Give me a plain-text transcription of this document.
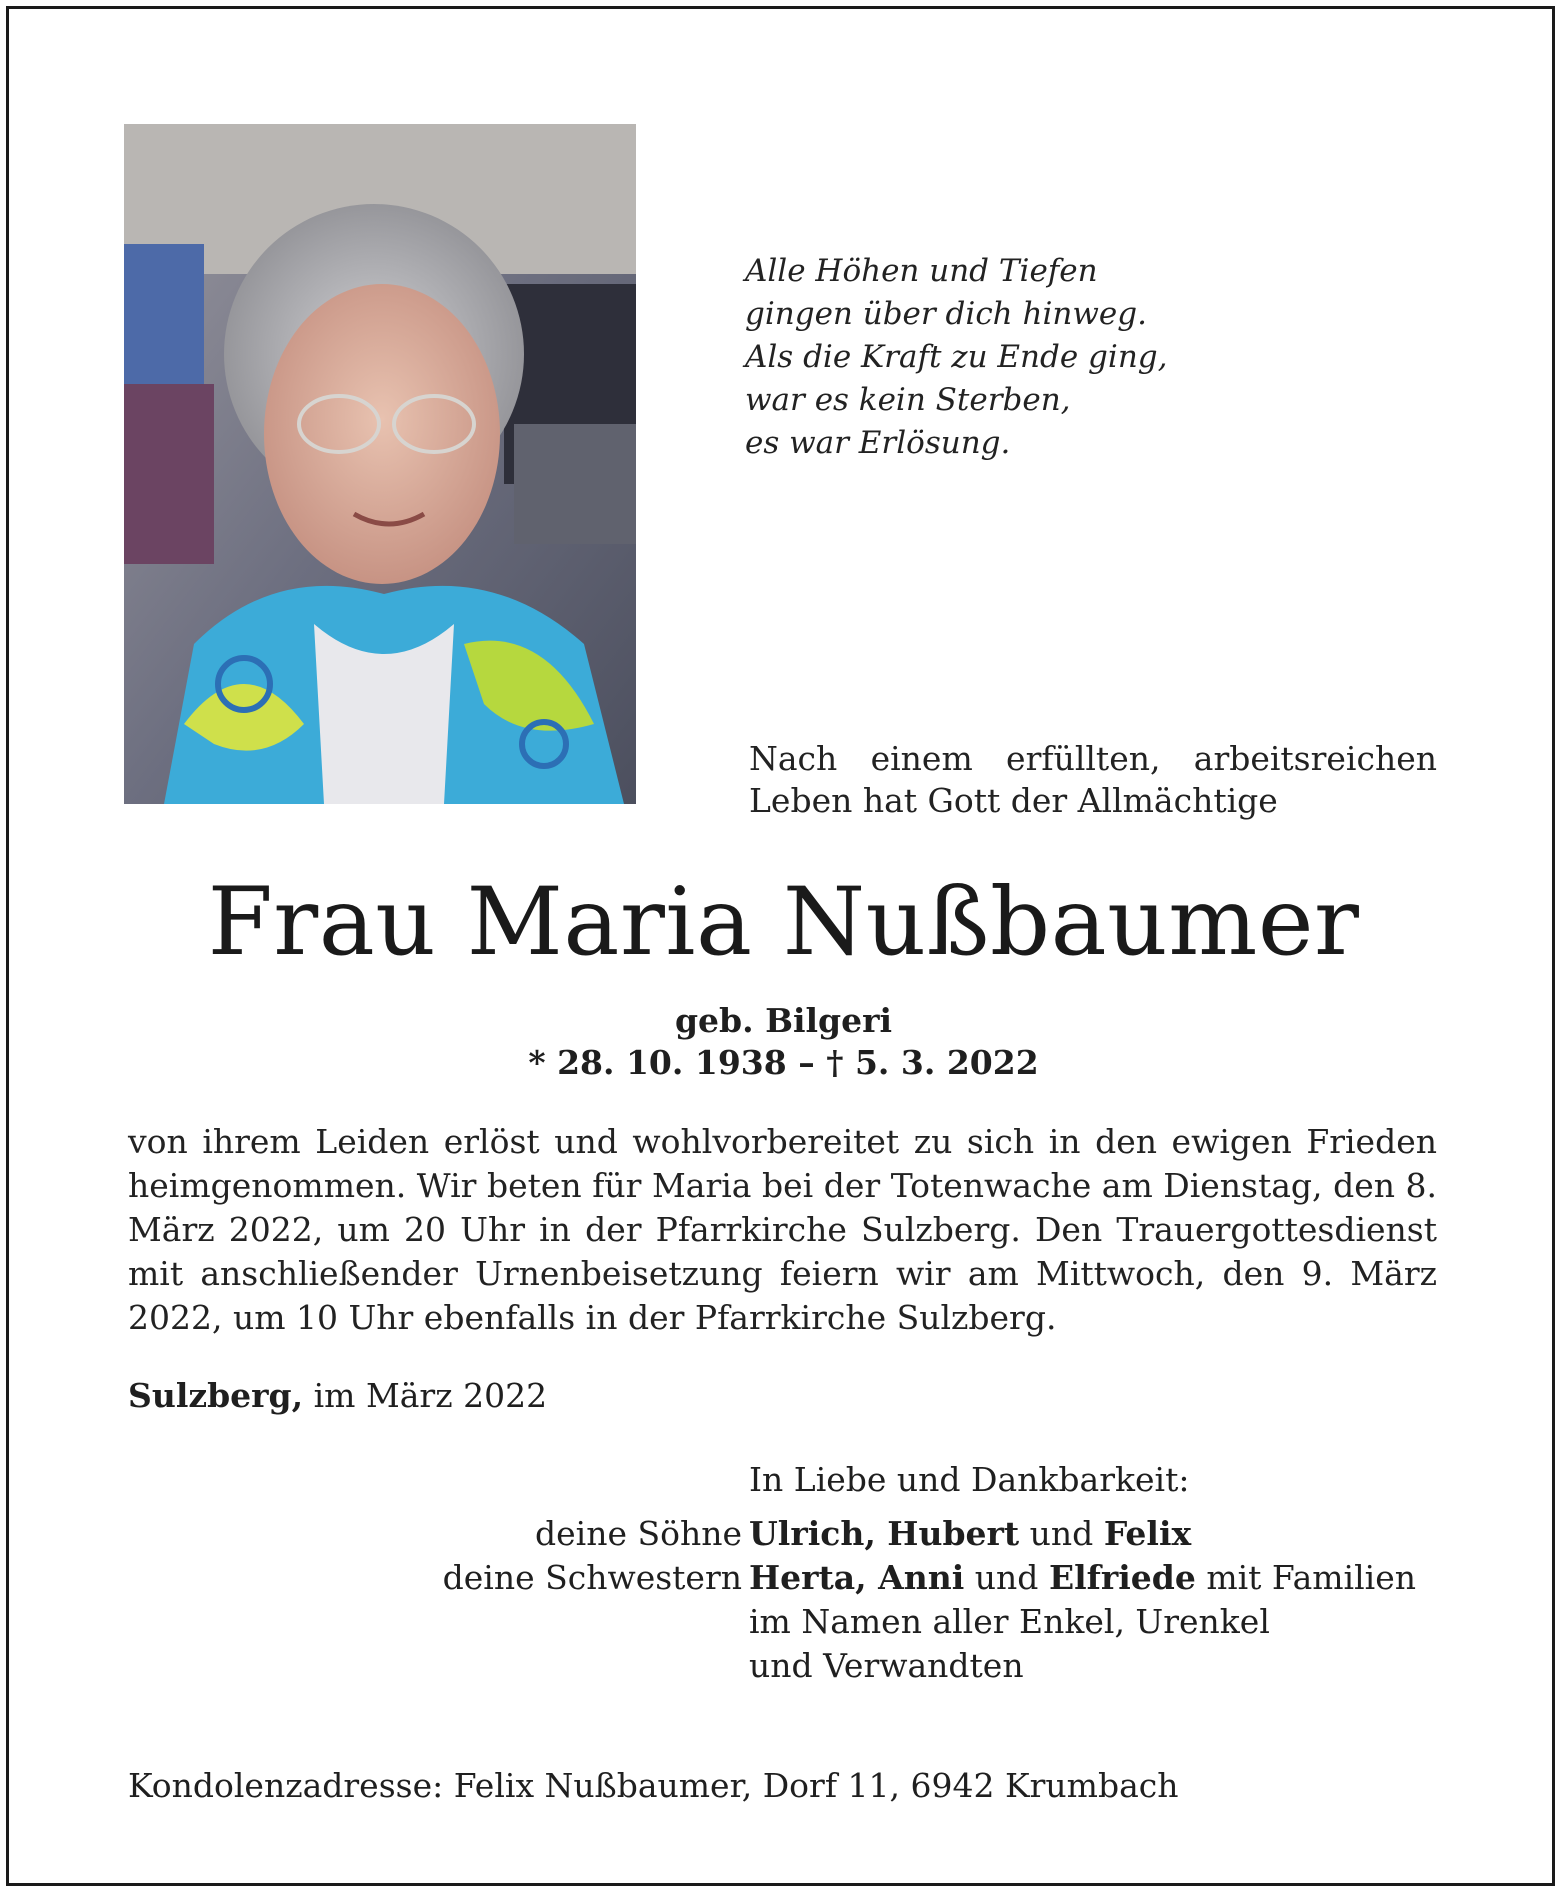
Alle Höhen und Tiefen
gingen über dich hinweg.
Als die Kraft zu Ende ging,
war es kein Sterben,
es war Erlösung.
Nach einem erfüllten, arbeitsreichen
Leben hat Gott der Allmächtige
Frau Maria Nußbaumer
geb. Bilgeri
* 28. 10. 1938 – † 5. 3. 2022
von ihrem Leiden erlöst und wohlvorbereitet zu sich in den ewigen Frieden heimgenommen. Wir beten für Maria bei der Totenwache am Dienstag, den 8. März 2022, um 20 Uhr in der Pfarrkirche Sulzberg. Den Trauergottesdienst mit anschließender Urnenbeisetzung feiern wir am Mittwoch, den 9. März 2022, um 10 Uhr ebenfalls in der Pfarrkirche Sulzberg.
Sulzberg, im März 2022
In Liebe und Dankbarkeit:
deine Söhne Ulrich, Hubert und Felix
deine Schwestern Herta, Anni und Elfriede mit Familien
im Namen aller Enkel, Urenkel
und Verwandten
Kondolenzadresse: Felix Nußbaumer, Dorf 11, 6942 Krumbach
